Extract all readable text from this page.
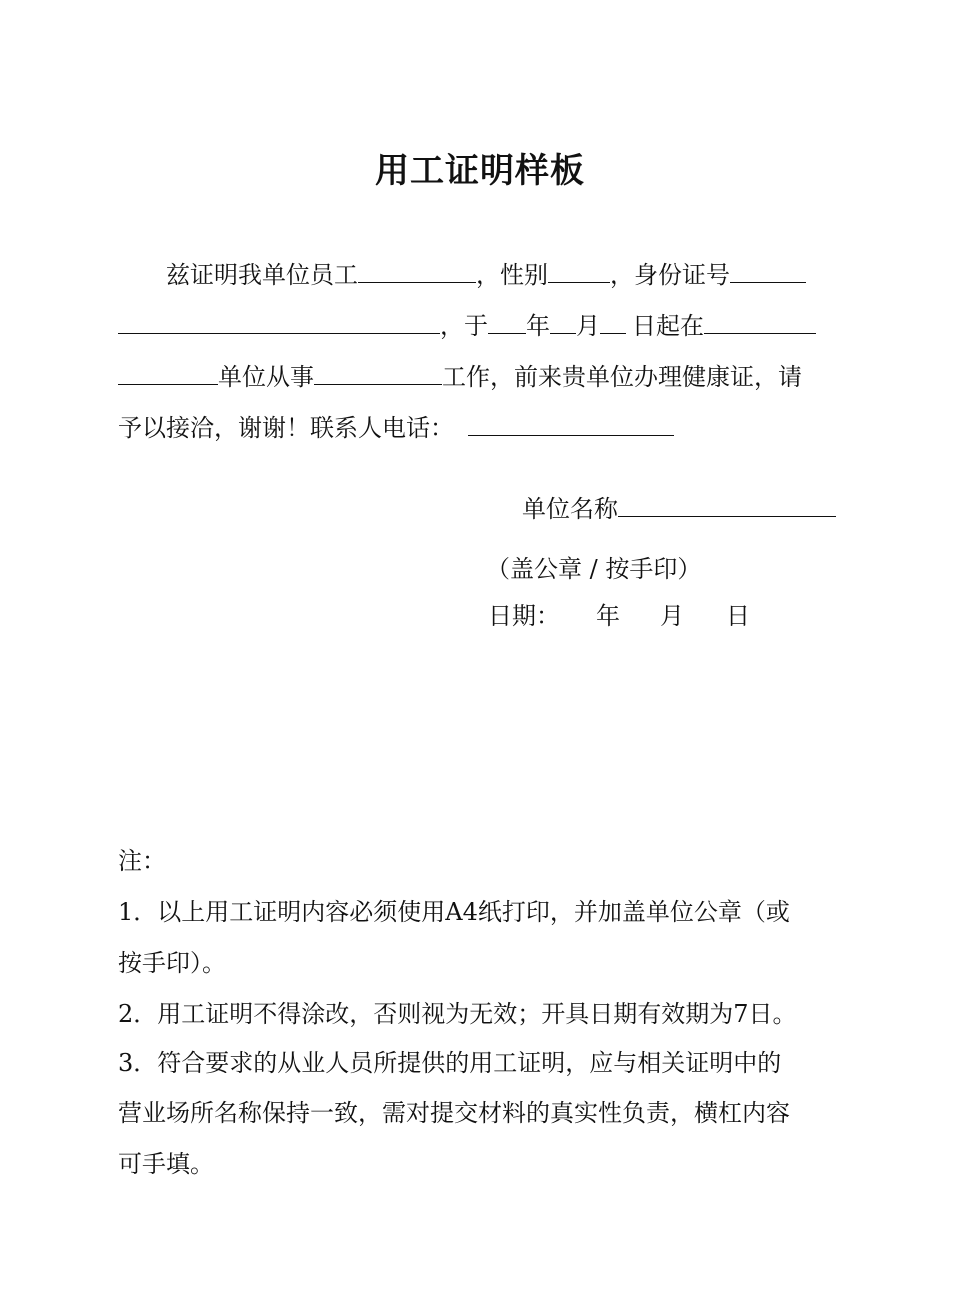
用工证明样板
兹证明我单位员工	，性别	，身份证号
，于 年 月 日起在
单位从事	工作，前来贵单位办理健康证，请
予以接洽，谢谢！联系人电话：
单位名称
（盖公章 / 按手印）
日期： 年 月 日
注：
1．以上用工证明内容必须使用A4纸打印，并加盖单位公章（或
按手印）。
2．用工证明不得涂改，否则视为无效；开具日期有效期为7日。
3．符合要求的从业人员所提供的用工证明，应与相关证明中的
营业场所名称保持一致，需对提交材料的真实性负责，横杠内容
可手填。
